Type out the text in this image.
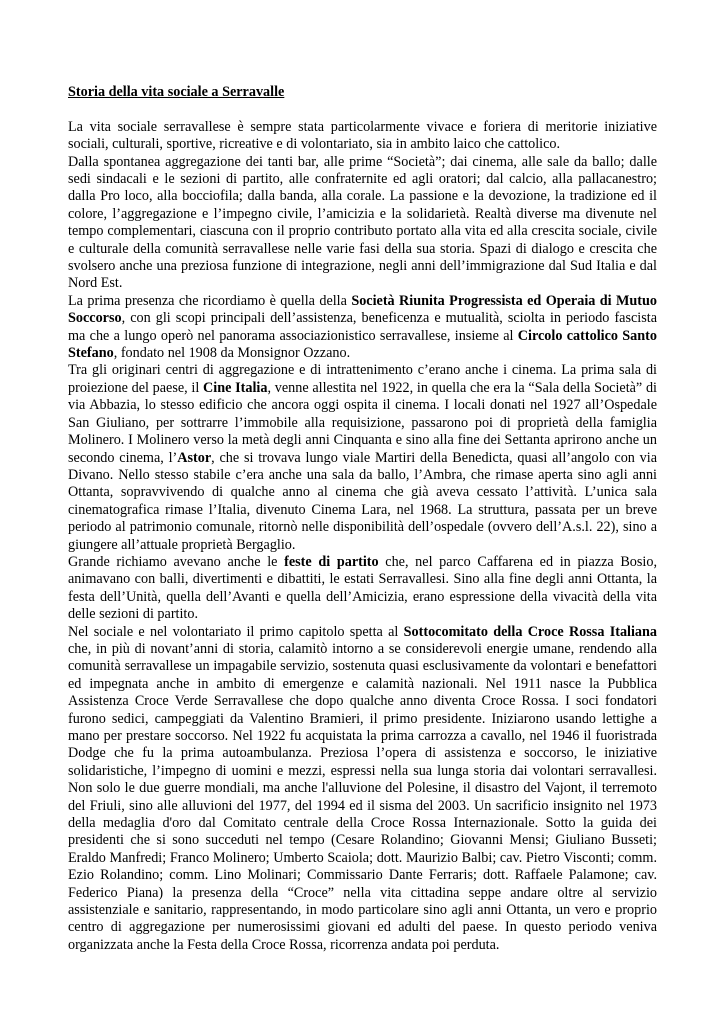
Storia della vita sociale a Serravalle

La vita sociale serravallese è sempre stata particolarmente vivace e foriera di meritorie iniziative sociali, culturali, sportive, ricreative e di volontariato, sia in ambito laico che cattolico.

Dalla spontanea aggregazione dei tanti bar, alle prime “Società”; dai cinema, alle sale da ballo; dalle sedi sindacali e le sezioni di partito, alle confraternite ed agli oratori; dal calcio, alla pallacanestro; dalla Pro loco, alla bocciofila; dalla banda, alla corale. La passione e la devozione, la tradizione ed il colore, l’aggregazione e l’impegno civile, l’amicizia e la solidarietà. Realtà diverse ma divenute nel tempo complementari, ciascuna con il proprio contributo portato alla vita ed alla crescita sociale, civile e culturale della comunità serravallese nelle varie fasi della sua storia. Spazi di dialogo e crescita che svolsero anche una preziosa funzione di integrazione, negli anni dell’immigrazione dal Sud Italia e dal Nord Est.

La prima presenza che ricordiamo è quella della Società Riunita Progressista ed Operaia di Mutuo Soccorso, con gli scopi principali dell’assistenza, beneficenza e mutualità, sciolta in periodo fascista ma che a lungo operò nel panorama associazionistico serravallese, insieme al Circolo cattolico Santo Stefano, fondato nel 1908 da Monsignor Ozzano.

Tra gli originari centri di aggregazione e di intrattenimento c’erano anche i cinema. La prima sala di proiezione del paese, il Cine Italia, venne allestita nel 1922, in quella che era la “Sala della Società” di via Abbazia, lo stesso edificio che ancora oggi ospita il cinema. I locali donati nel 1927 all’Ospedale San Giuliano, per sottrarre l’immobile alla requisizione, passarono poi di proprietà della famiglia Molinero. I Molinero verso la metà degli anni Cinquanta e sino alla fine dei Settanta aprirono anche un secondo cinema, l’Astor, che si trovava lungo viale Martiri della Benedicta, quasi all’angolo con via Divano. Nello stesso stabile c’era anche una sala da ballo, l’Ambra, che rimase aperta sino agli anni Ottanta, sopravvivendo di qualche anno al cinema che già aveva cessato l’attività. L’unica sala cinematografica rimase l’Italia, divenuto Cinema Lara, nel 1968. La struttura, passata per un breve periodo al patrimonio comunale, ritornò nelle disponibilità dell’ospedale (ovvero dell’A.s.l. 22), sino a giungere all’attuale proprietà Bergaglio.

Grande richiamo avevano anche le feste di partito che, nel parco Caffarena ed in piazza Bosio, animavano con balli, divertimenti e dibattiti, le estati Serravallesi. Sino alla fine degli anni Ottanta, la festa dell’Unità, quella dell’Avanti e quella dell’Amicizia, erano espressione della vivacità della vita delle sezioni di partito.

Nel sociale e nel volontariato il primo capitolo spetta al Sottocomitato della Croce Rossa Italiana che, in più di novant’anni di storia, calamitò intorno a se considerevoli energie umane, rendendo alla comunità serravallese un impagabile servizio, sostenuta quasi esclusivamente da volontari e benefattori ed impegnata anche in ambito di emergenze e calamità nazionali. Nel 1911 nasce la Pubblica Assistenza Croce Verde Serravallese che dopo qualche anno diventa Croce Rossa. I soci fondatori furono sedici, campeggiati da Valentino Bramieri, il primo presidente. Iniziarono usando lettighe a mano per prestare soccorso. Nel 1922 fu acquistata la prima carrozza a cavallo, nel 1946 il fuoristrada Dodge che fu la prima autoambulanza. Preziosa l’opera di assistenza e soccorso, le iniziative solidaristiche, l’impegno di uomini e mezzi, espressi nella sua lunga storia dai volontari serravallesi. Non solo le due guerre mondiali, ma anche l'alluvione del Polesine, il disastro del Vajont, il terremoto del Friuli, sino alle alluvioni del 1977, del 1994 ed il sisma del 2003. Un sacrificio insignito nel 1973 della medaglia d'oro dal Comitato centrale della Croce Rossa Internazionale. Sotto la guida dei presidenti che si sono succeduti nel tempo (Cesare Rolandino; Giovanni Mensi; Giuliano Busseti; Eraldo Manfredi; Franco Molinero; Umberto Scaiola; dott. Maurizio Balbi; cav. Pietro Visconti; comm. Ezio Rolandino; comm. Lino Molinari; Commissario Dante Ferraris; dott. Raffaele Palamone; cav. Federico Piana) la presenza della “Croce” nella vita cittadina seppe andare oltre al servizio assistenziale e sanitario, rappresentando, in modo particolare sino agli anni Ottanta, un vero e proprio centro di aggregazione per numerosissimi giovani ed adulti del paese. In questo periodo veniva organizzata anche la Festa della Croce Rossa, ricorrenza andata poi perduta.
